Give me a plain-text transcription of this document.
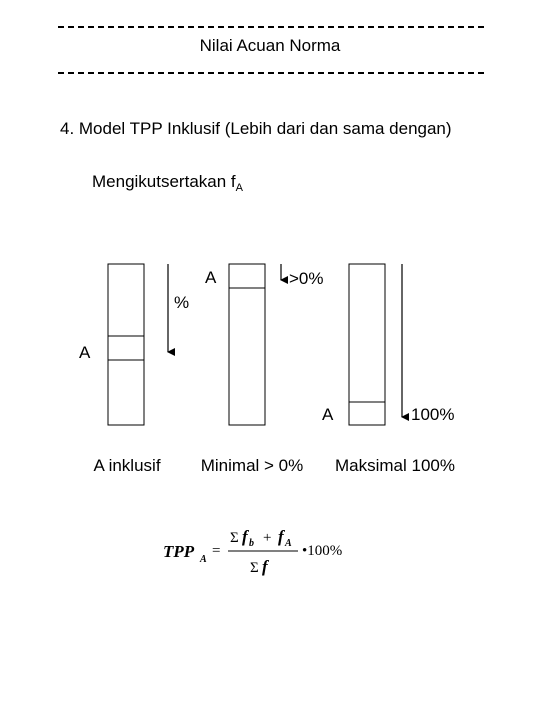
Nilai Acuan Norma
4. Model TPP Inklusif (Lebih dari dan sama dengan)
Mengikutsertakan $f_A$
%
A
A	>0%
A	100%
A inklusif Minimal > 0% Maksimal 100%
TPP A
=
Σ f b + f A
Σ f
•100%
